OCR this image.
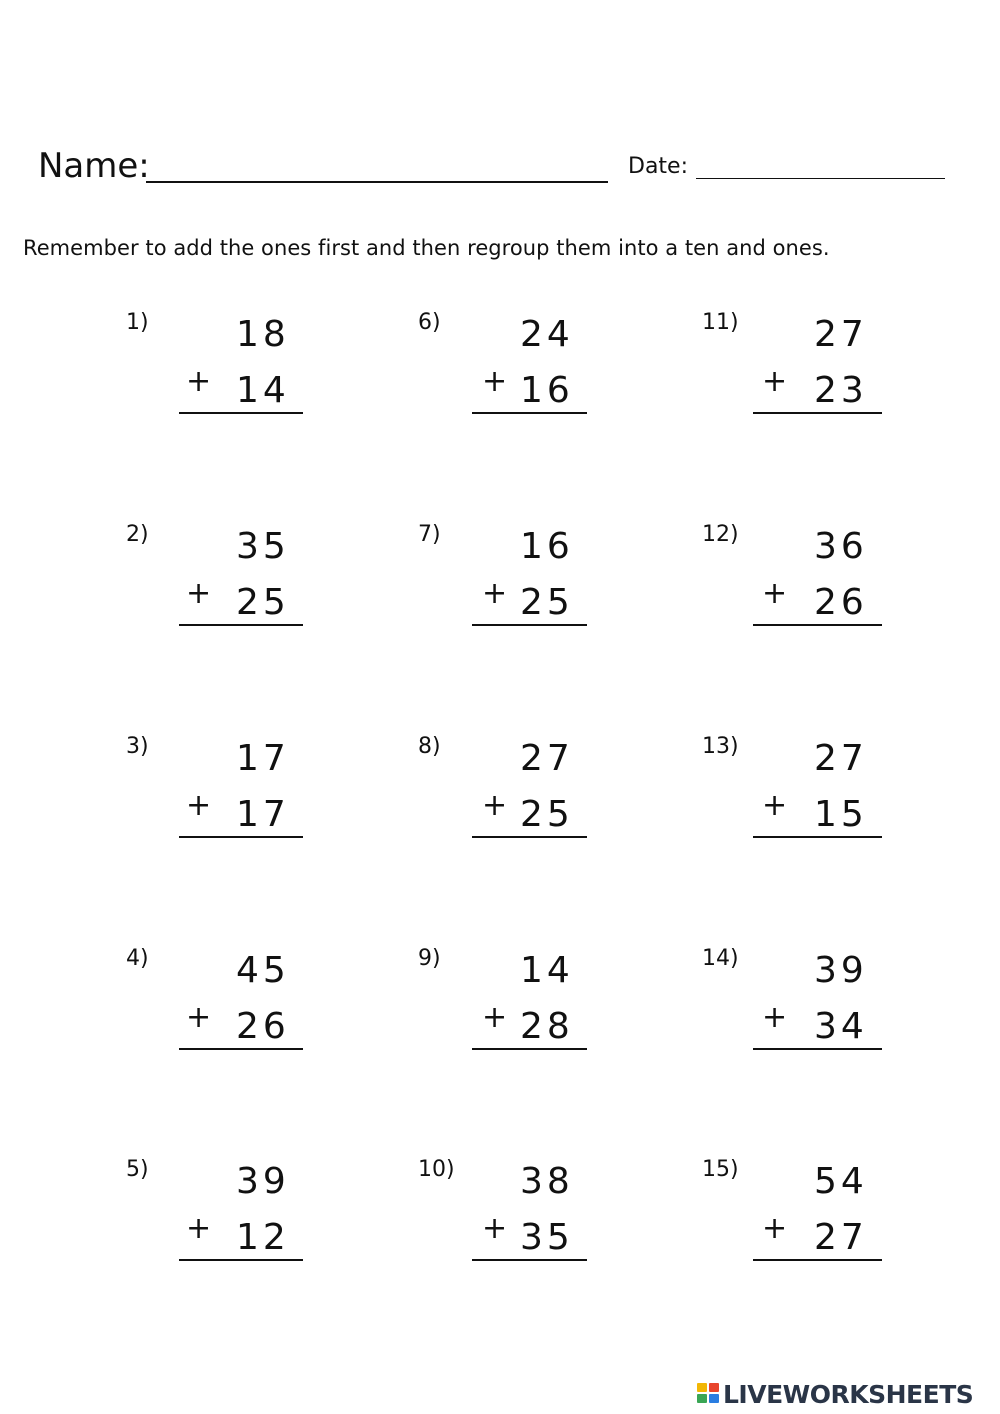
Name:	Date:
Remember to add the ones first and then regroup them into a ten and ones.
1) 18
+ 14
2) 35
+ 25
3) 17
+ 17
4) 45
+ 26
5) 39
+ 12
6) 24
+ 16
7) 16
+ 25
8) 27
+ 25
9) 14
+ 28
10) 38
+ 35
11) 27
+ 23
12) 36
+ 26
13) 27
+ 15
14) 39
+ 34
15) 54
+ 27
LIVEWORKSHEETS
